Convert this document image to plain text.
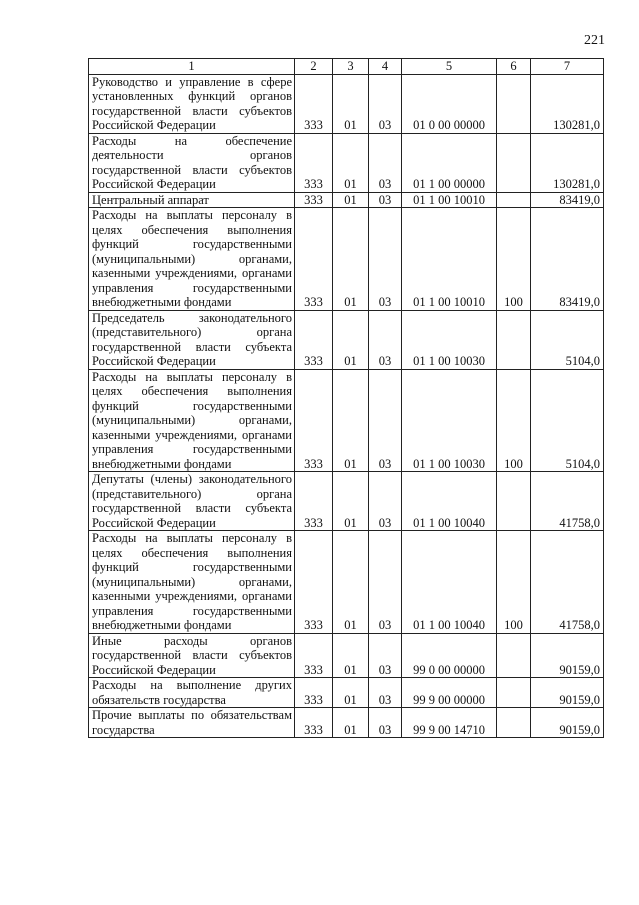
221
1	2	3	4	5	6	7
Руководство и управление в сфере установленных функций органов государственной власти субъектов Российской Федерации	333	01	03	01 0 00 00000		130281,0
Расходы на обеспечение деятельности органов государственной власти субъектов Российской Федерации	333	01	03	01 1 00 00000		130281,0
Центральный аппарат	333	01	03	01 1 00 10010		83419,0
Расходы на выплаты персоналу в целях обеспечения выполнения функций государственными (муниципальными) органами, казенными учреждениями, органами управления государственными внебюджетными фондами	333	01	03	01 1 00 10010	100	83419,0
Председатель законодательного (представительного) органа государственной власти субъекта Российской Федерации	333	01	03	01 1 00 10030		5104,0
Расходы на выплаты персоналу в целях обеспечения выполнения функций государственными (муниципальными) органами, казенными учреждениями, органами управления государственными внебюджетными фондами	333	01	03	01 1 00 10030	100	5104,0
Депутаты (члены) законодательного (представительного) органа государственной власти субъекта Российской Федерации	333	01	03	01 1 00 10040		41758,0
Расходы на выплаты персоналу в целях обеспечения выполнения функций государственными (муниципальными) органами, казенными учреждениями, органами управления государственными внебюджетными фондами	333	01	03	01 1 00 10040	100	41758,0
Иные расходы органов государственной власти субъектов Российской Федерации	333	01	03	99 0 00 00000		90159,0
Расходы на выполнение других обязательств государства	333	01	03	99 9 00 00000		90159,0
Прочие выплаты по обязательствам государства	333	01	03	99 9 00 14710		90159,0
